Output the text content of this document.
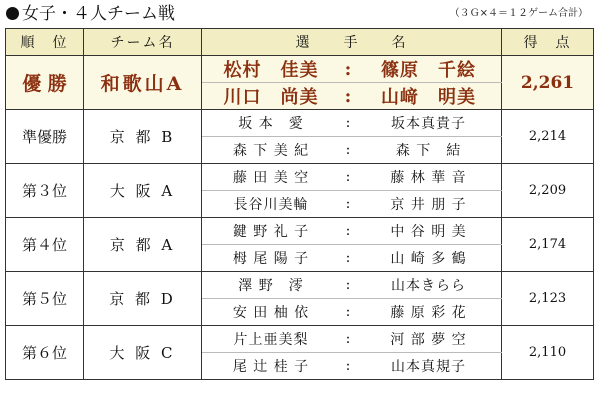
女子・４人チーム戦	（３Ｇ×４＝１２ゲーム合計）
順　位	チーム名	選　　手　　名	得　点
優 勝	和歌山A	松村　佳美 : 篠原　千絵	2,261

		川口　尚美 : 山﨑　明美	

準優勝	京 都 B	坂 本　愛 : 坂本真貴子	2,214

		森 下 美 紀 : 森 下　結	

第３位	大 阪 A	藤 田 美 空 : 藤 林 華 音	2,209

		長谷川美輪 : 京 井 朋 子	

第４位	京 都 A	鍵 野 礼 子 : 中 谷 明 美	2,174

		栂 尾 陽 子 : 山 崎 多 鶴	

第５位	京 都 D	澤 野　澪 : 山本きらら	2,123

		安 田 柚 依 : 藤 原 彩 花	

第６位	大 阪 C	片上亜美梨 : 河 部 夢 空	2,110

		尾 辻 桂 子 : 山本真規子	
